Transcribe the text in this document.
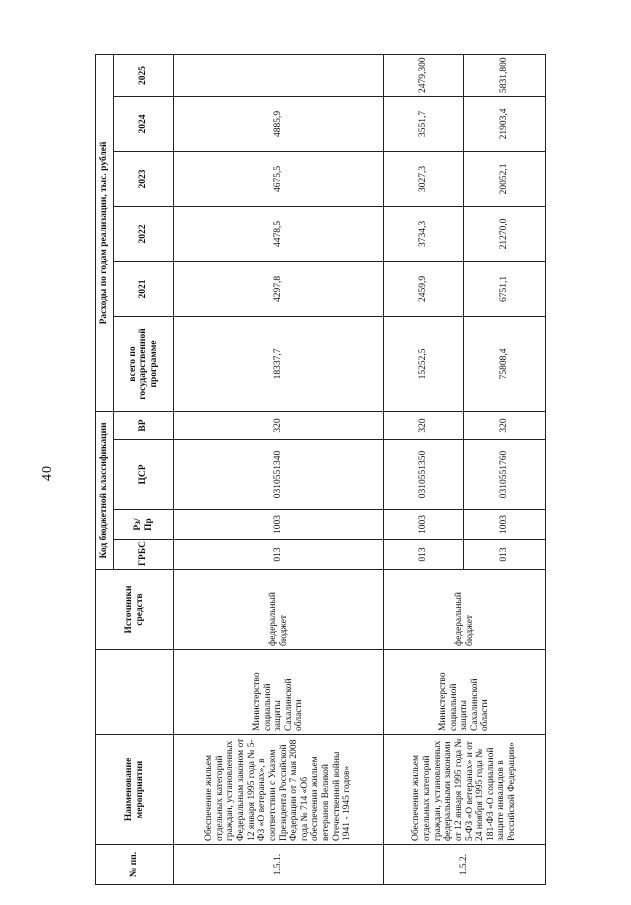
40
№ пп.	Наименование мероприятия		Источники средств	Код бюджетной классификации				Расходы по годам реализации, тыс. рублей					
				ГРБС	Рз/ Пр	ЦСР	ВР	всего по государственной программе	2021	2022	2023	2024	2025
1.5.1.	Обеспечение жильем отдельных категорий граждан, установленных Федеральным законом от 12 января 1995 года № 5-ФЗ «О ветеранах», в соответствии с Указом Президента Российской Федерации от 7 мая 2008 года № 714 «Об обеспечении жильем ветеранов Великой Отечественной войны 1941 - 1945 годов»	Министерство социальной защиты Сахалинской области	федеральный бюджет	013	1003	0310551340	320	18337,7	4297,8	4478,5	4675,5	4885,9	
1.5.2.	Обеспечение жильем отдельных категорий граждан, установленных федеральными законами от 12 января 1995 года № 5-ФЗ «О ветеранах» и от 24 ноября 1995 года № 181-ФЗ «О социальной защите инвалидов в Российской Федерации»	Министерство социальной защиты Сахалинской области	федеральный бюджет	013	1003	0310551350	320	15252,5	2459,9	3734,3	3027,3	3551,7	2479,300
				013	1003	0310551760	320	75808,4	6751,1	21270,0	20052,1	21903,4	5831,800
